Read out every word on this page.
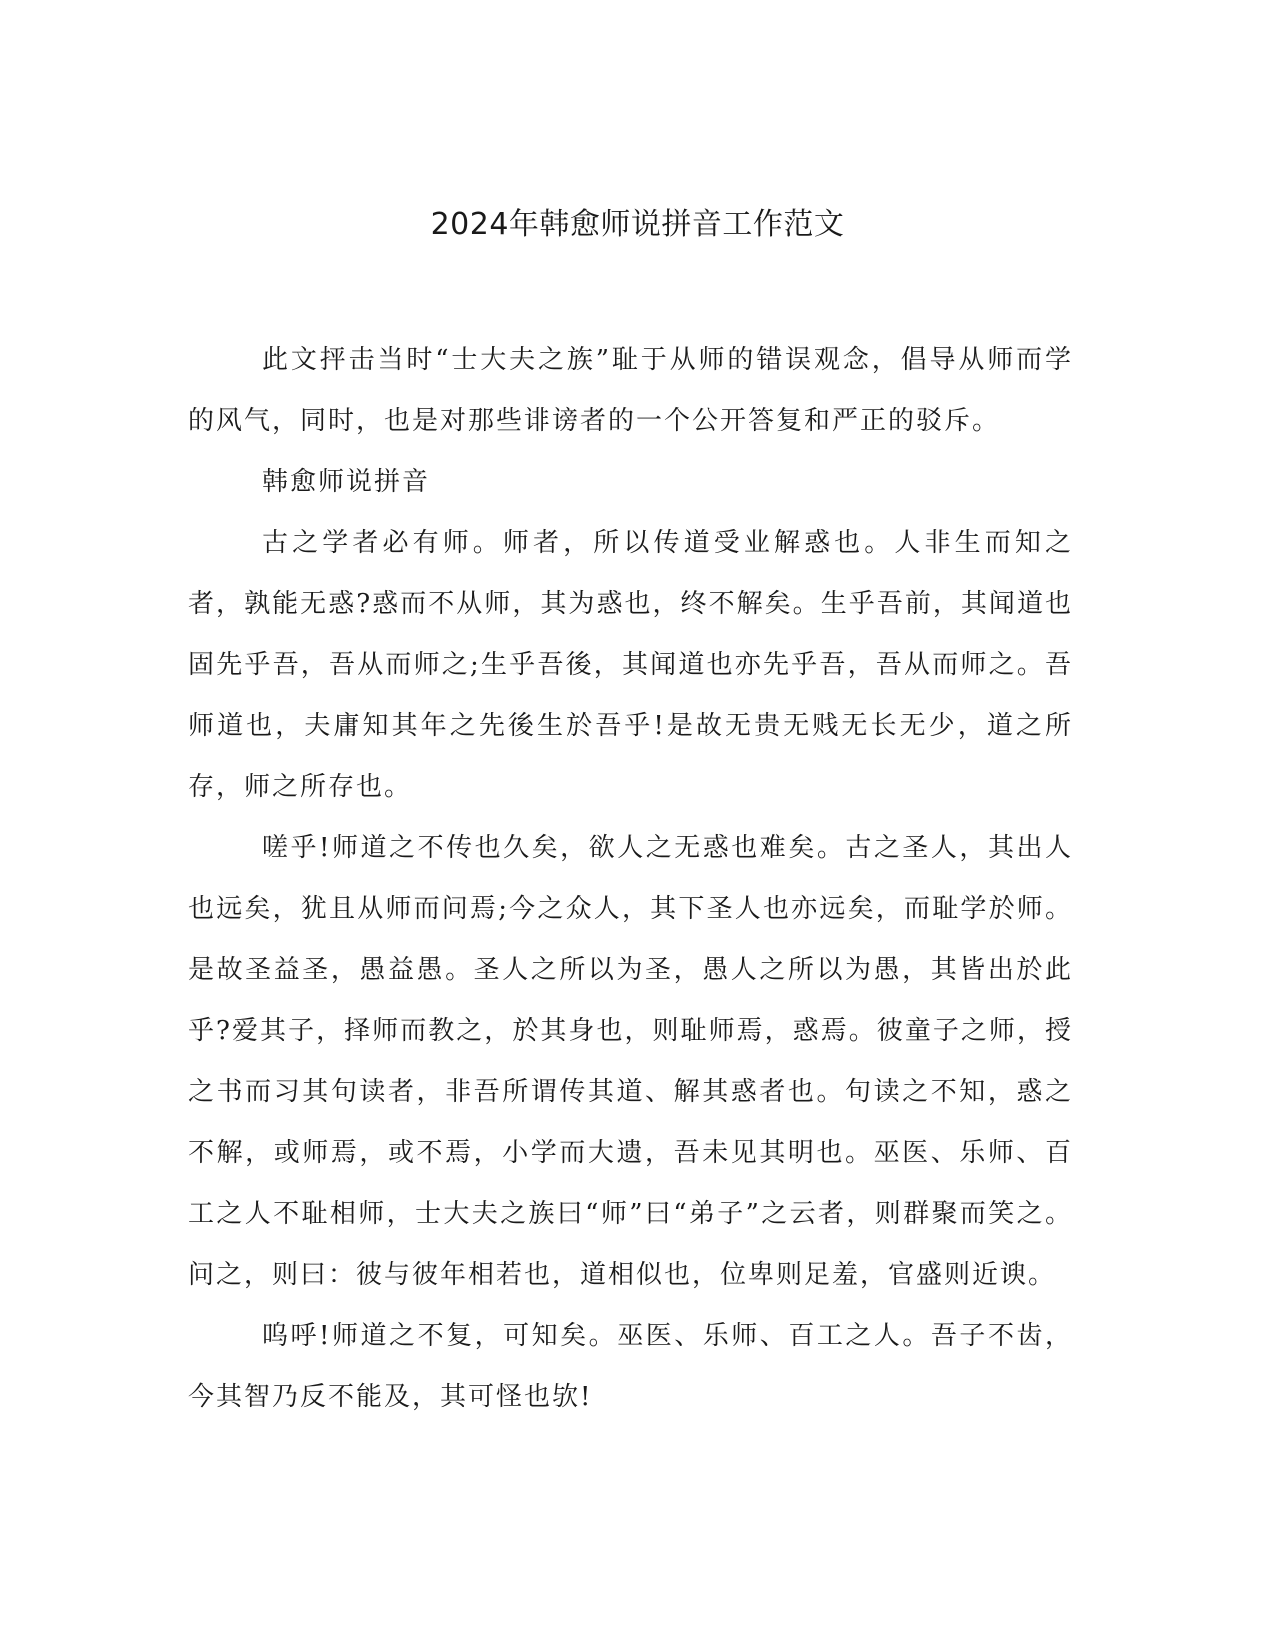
2024年韩愈师说拼音工作范文

此文抨击当时“士大夫之族”耻于从师的错误观念，倡导从师而学的风气，同时，也是对那些诽谤者的一个公开答复和严正的驳斥。

韩愈师说拼音

古之学者必有师。师者，所以传道受业解惑也。人非生而知之者，孰能无惑?惑而不从师，其为惑也，终不解矣。生乎吾前，其闻道也固先乎吾，吾从而师之;生乎吾後，其闻道也亦先乎吾，吾从而师之。吾师道也，夫庸知其年之先後生於吾乎!是故无贵无贱无长无少，道之所存，师之所存也。

嗟乎!师道之不传也久矣，欲人之无惑也难矣。古之圣人，其出人也远矣，犹且从师而问焉;今之众人，其下圣人也亦远矣，而耻学於师。是故圣益圣，愚益愚。圣人之所以为圣，愚人之所以为愚，其皆出於此乎?爱其子，择师而教之，於其身也，则耻师焉，惑焉。彼童子之师，授之书而习其句读者，非吾所谓传其道、解其惑者也。句读之不知，惑之不解，或师焉，或不焉，小学而大遗，吾未见其明也。巫医、乐师、百工之人不耻相师，士大夫之族曰“师”曰“弟子”之云者，则群聚而笑之。问之，则曰：彼与彼年相若也，道相似也，位卑则足羞，官盛则近谀。

呜呼!师道之不复，可知矣。巫医、乐师、百工之人。吾子不齿，今其智乃反不能及，其可怪也欤!
